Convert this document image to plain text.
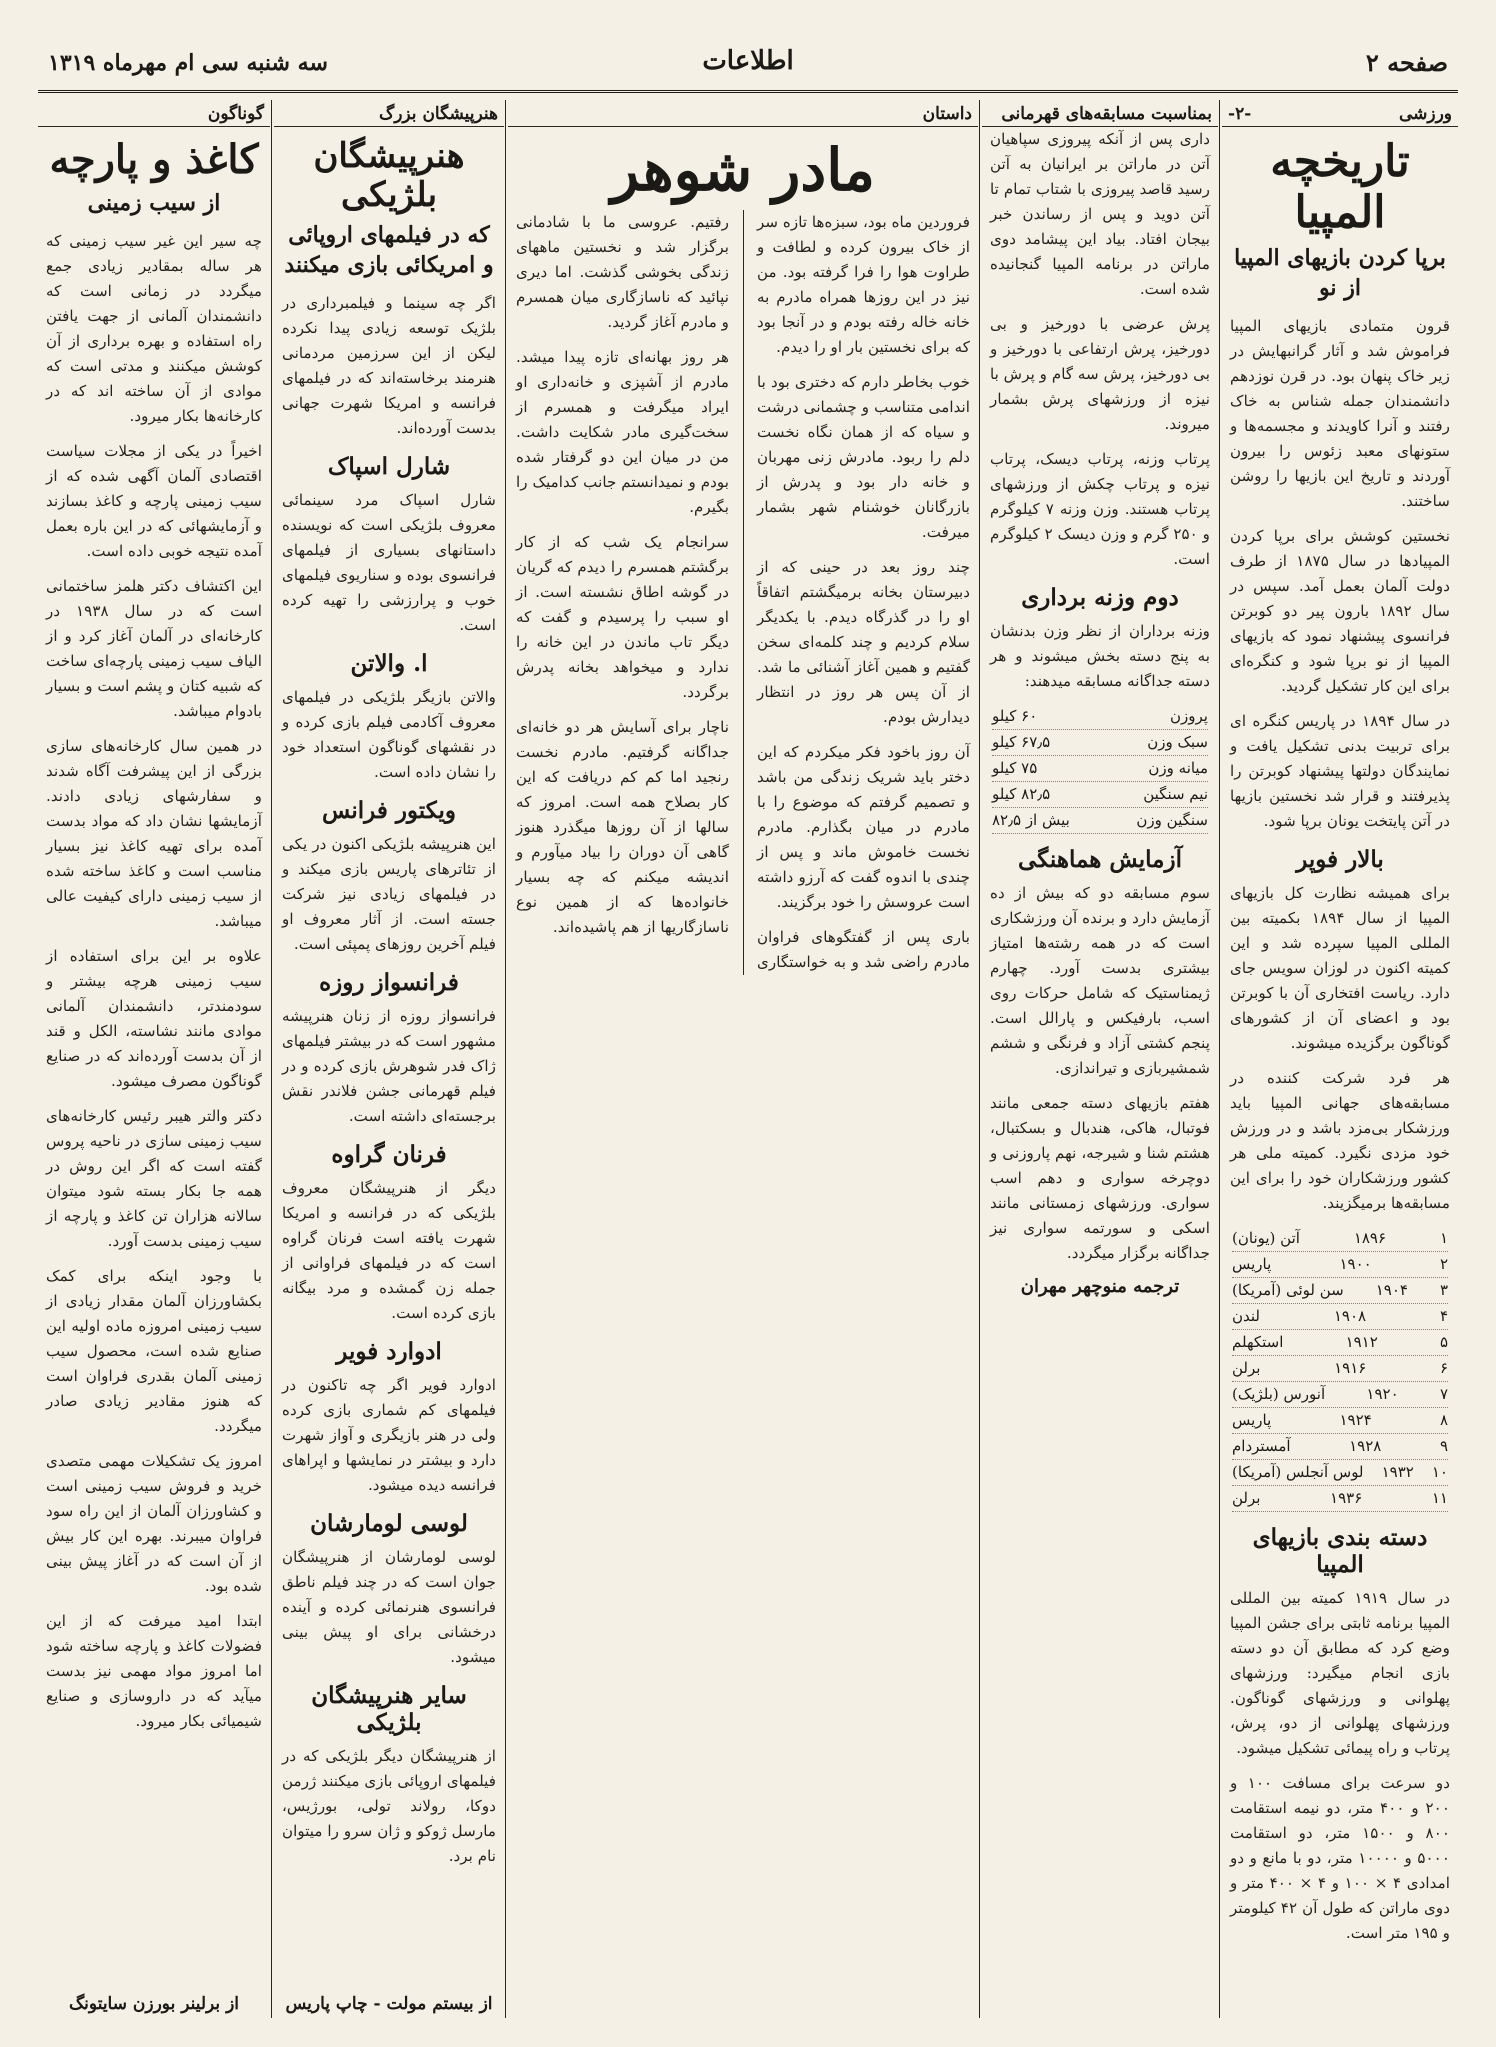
صفحه ۲
اطلاعات
سه شنبه سی ام مهرماه ۱۳۱۹
ورزشی
-۲-
تاریخچه المپیا
برپا کردن بازیهای المپیا از نو

قرون متمادی بازیهای المپیا فراموش شد و آثار گرانبهایش در زیر خاک پنهان بود. در قرن نوزدهم دانشمندان جمله شناس به خاک رفتند و آنرا کاویدند و مجسمه‌ها و ستونهای معبد زئوس را بیرون آوردند و تاریخ این بازیها را روشن ساختند.

نخستین کوشش برای برپا کردن المپیادها در سال ۱۸۷۵ از طرف دولت آلمان بعمل آمد. سپس در سال ۱۸۹۲ بارون پیر دو کوبرتن فرانسوی پیشنهاد نمود که بازیهای المپیا از نو برپا شود و کنگره‌ای برای این کار تشکیل گردید.

در سال ۱۸۹۴ در پاریس کنگره ای برای تربیت بدنی تشکیل یافت و نمایندگان دولتها پیشنهاد کوبرتن را پذیرفتند و قرار شد نخستین بازیها در آتن پایتخت یونان برپا شود.

بالار فوپر

برای همیشه نظارت کل بازیهای المپیا از سال ۱۸۹۴ بکمیته بین المللی المپیا سپرده شد و این کمیته اکنون در لوزان سویس جای دارد. ریاست افتخاری آن با کوبرتن بود و اعضای آن از کشورهای گوناگون برگزیده میشوند.

هر فرد شرکت کننده در مسابقه‌های جهانی المپیا باید ورزشکار بی‌مزد باشد و در ورزش خود مزدی نگیرد. کمیته ملی هر کشور ورزشکاران خود را برای این مسابقه‌ها برمیگزیند.

۱
۱۸۹۶
آتن (یونان)
۲
۱۹۰۰
پاریس
۳
۱۹۰۴
سن لوئی (آمریکا)
۴
۱۹۰۸
لندن
۵
۱۹۱۲
استکهلم
۶
۱۹۱۶
برلن
۷
۱۹۲۰
آنورس (بلژیک)
۸
۱۹۲۴
پاریس
۹
۱۹۲۸
آمستردام
۱۰
۱۹۳۲
لوس آنجلس (آمریکا)
۱۱
۱۹۳۶
برلن
دسته بندی بازیهای المپیا

در سال ۱۹۱۹ کمیته بین المللی المپیا برنامه ثابتی برای جشن المپیا وضع کرد که مطابق آن دو دسته بازی انجام میگیرد: ورزشهای پهلوانی و ورزشهای گوناگون. ورزشهای پهلوانی از دو، پرش، پرتاب و راه پیمائی تشکیل میشود.

دو سرعت برای مسافت ۱۰۰ و ۲۰۰ و ۴۰۰ متر، دو نیمه استقامت ۸۰۰ و ۱۵۰۰ متر، دو استقامت ۵۰۰۰ و ۱۰۰۰۰ متر، دو با مانع و دو امدادی ۴ × ۱۰۰ و ۴ × ۴۰۰ متر و دوی ماراتن که طول آن ۴۲ کیلومتر و ۱۹۵ متر است.

بمناسبت مسابقه‌های قهرمانی

داری پس از آنکه پیروزی سپاهیان آتن در ماراتن بر ایرانیان به آتن رسید قاصد پیروزی با شتاب تمام تا آتن دوید و پس از رساندن خبر بیجان افتاد. بیاد این پیشامد دوی ماراتن در برنامه المپیا گنجانیده شده است.

پرش عرضی با دورخیز و بی دورخیز، پرش ارتفاعی با دورخیز و بی دورخیز، پرش سه گام و پرش با نیزه از ورزشهای پرش بشمار میروند.

پرتاب وزنه، پرتاب دیسک، پرتاب نیزه و پرتاب چکش از ورزشهای پرتاب هستند. وزن وزنه ۷ کیلوگرم و ۲۵۰ گرم و وزن دیسک ۲ کیلوگرم است.

دوم وزنه برداری

وزنه برداران از نظر وزن بدنشان به پنج دسته بخش میشوند و هر دسته جداگانه مسابقه میدهند:

پروزن
۶۰ کیلو
سبک وزن
۶۷٫۵ کیلو
میانه وزن
۷۵ کیلو
نیم سنگین
۸۲٫۵ کیلو
سنگین وزن
بیش از ۸۲٫۵
آزمایش هماهنگی

سوم مسابقه دو که بیش از ده آزمایش دارد و برنده آن ورزشکاری است که در همه رشته‌ها امتیاز بیشتری بدست آورد. چهارم ژیمناستیک که شامل حرکات روی اسب، بارفیکس و پارالل است. پنجم کشتی آزاد و فرنگی و ششم شمشیربازی و تیراندازی.

هفتم بازیهای دسته جمعی مانند فوتبال، هاکی، هندبال و بسکتبال، هشتم شنا و شیرجه، نهم پاروزنی و دوچرخه سواری و دهم اسب سواری. ورزشهای زمستانی مانند اسکی و سورتمه سواری نیز جداگانه برگزار میگردد.

ترجمه منوچهر مهران
داستان
مادر شوهر

فروردین ماه بود، سبزه‌ها تازه سر از خاک بیرون کرده و لطافت و طراوت هوا را فرا گرفته بود. من نیز در این روزها همراه مادرم به خانه خاله رفته بودم و در آنجا بود که برای نخستین بار او را دیدم.

خوب بخاطر دارم که دختری بود با اندامی متناسب و چشمانی درشت و سیاه که از همان نگاه نخست دلم را ربود. مادرش زنی مهربان و خانه دار بود و پدرش از بازرگانان خوشنام شهر بشمار میرفت.

چند روز بعد در حینی که از دبیرستان بخانه برمیگشتم اتفاقاً او را در گذرگاه دیدم. با یکدیگر سلام کردیم و چند کلمه‌ای سخن گفتیم و همین آغاز آشنائی ما شد. از آن پس هر روز در انتظار دیدارش بودم.

آن روز باخود فکر میکردم که این دختر باید شریک زندگی من باشد و تصمیم گرفتم که موضوع را با مادرم در میان بگذارم. مادرم نخست خاموش ماند و پس از چندی با اندوه گفت که آرزو داشته است عروسش را خود برگزیند.

باری پس از گفتگوهای فراوان مادرم راضی شد و به خواستگاری رفتیم. عروسی ما با شادمانی برگزار شد و نخستین ماههای زندگی بخوشی گذشت. اما دیری نپائید که ناسازگاری میان همسرم و مادرم آغاز گردید.

هر روز بهانه‌ای تازه پیدا میشد. مادرم از آشپزی و خانه‌داری او ایراد میگرفت و همسرم از سخت‌گیری مادر شکایت داشت. من در میان این دو گرفتار شده بودم و نمیدانستم جانب کدامیک را بگیرم.

سرانجام یک شب که از کار برگشتم همسرم را دیدم که گریان در گوشه اطاق نشسته است. از او سبب را پرسیدم و گفت که دیگر تاب ماندن در این خانه را ندارد و میخواهد بخانه پدرش برگردد.

ناچار برای آسایش هر دو خانه‌ای جداگانه گرفتیم. مادرم نخست رنجید اما کم کم دریافت که این کار بصلاح همه است. امروز که سالها از آن روزها میگذرد هنوز گاهی آن دوران را بیاد میآورم و اندیشه میکنم که چه بسیار خانواده‌ها که از همین نوع ناسازگاریها از هم پاشیده‌اند.

هنرپیشگان بزرگ
هنرپیشگان بلژیکی
که در فیلمهای اروپائی و امریکائی بازی میکنند

اگر چه سینما و فیلمبرداری در بلژیک توسعه زیادی پیدا نکرده لیکن از این سرزمین مردمانی هنرمند برخاسته‌اند که در فیلمهای فرانسه و امریکا شهرت جهانی بدست آورده‌اند.

شارل اسپاک

شارل اسپاک مرد سینمائی معروف بلژیکی است که نویسنده داستانهای بسیاری از فیلمهای فرانسوی بوده و سناریوی فیلمهای خوب و پرارزشی را تهیه کرده است.

ا. والاتن

والاتن بازیگر بلژیکی در فیلمهای معروف آکادمی فیلم بازی کرده و در نقشهای گوناگون استعداد خود را نشان داده است.

ویکتور فرانس

این هنرپیشه بلژیکی اکنون در یکی از تئاترهای پاریس بازی میکند و در فیلمهای زیادی نیز شرکت جسته است. از آثار معروف او فیلم آخرین روزهای پمپئی است.

فرانسواز روزه

فرانسواز روزه از زنان هنرپیشه مشهور است که در بیشتر فیلمهای ژاک فدر شوهرش بازی کرده و در فیلم قهرمانی جشن فلاندر نقش برجسته‌ای داشته است.

فرنان گراوه

دیگر از هنرپیشگان معروف بلژیکی که در فرانسه و امریکا شهرت یافته است فرنان گراوه است که در فیلمهای فراوانی از جمله زن گمشده و مرد بیگانه بازی کرده است.

ادوارد فویر

ادوارد فویر اگر چه تاکنون در فیلمهای کم شماری بازی کرده ولی در هنر بازیگری و آواز شهرت دارد و بیشتر در نمایشها و اپراهای فرانسه دیده میشود.

لوسی لومارشان

لوسی لومارشان از هنرپیشگان جوان است که در چند فیلم ناطق فرانسوی هنرنمائی کرده و آینده درخشانی برای او پیش بینی میشود.

سایر هنرپیشگان بلژیکی

از هنرپیشگان دیگر بلژیکی که در فیلمهای اروپائی بازی میکنند ژرمن دوکا، رولاند تولی، بورژیس، مارسل ژوکو و ژان سرو را میتوان نام برد.

از بیستم مولت - چاپ پاریس
گوناگون
کاغذ و پارچه
از سیب زمینی

چه سیر این غیر سیب زمینی که هر ساله بمقادیر زیادی جمع میگردد در زمانی است که دانشمندان آلمانی از جهت یافتن راه استفاده و بهره برداری از آن کوشش میکنند و مدتی است که موادی از آن ساخته اند که در کارخانه‌ها بکار میرود.

اخیراً در یکی از مجلات سیاست اقتصادی آلمان آگهی شده که از سیب زمینی پارچه و کاغذ بسازند و آزمایشهائی که در این باره بعمل آمده نتیجه خوبی داده است.

این اکتشاف دکتر هلمز ساختمانی است که در سال ۱۹۳۸ در کارخانه‌ای در آلمان آغاز کرد و از الیاف سیب زمینی پارچه‌ای ساخت که شبیه کتان و پشم است و بسیار بادوام میباشد.

در همین سال کارخانه‌های سازی بزرگی از این پیشرفت آگاه شدند و سفارشهای زیادی دادند. آزمایشها نشان داد که مواد بدست آمده برای تهیه کاغذ نیز بسیار مناسب است و کاغذ ساخته شده از سیب زمینی دارای کیفیت عالی میباشد.

علاوه بر این برای استفاده از سیب زمینی هرچه بیشتر و سودمندتر، دانشمندان آلمانی موادی مانند نشاسته، الکل و قند از آن بدست آورده‌اند که در صنایع گوناگون مصرف میشود.

دکتر والتر هیبر رئیس کارخانه‌های سیب زمینی سازی در ناحیه پروس گفته است که اگر این روش در همه جا بکار بسته شود میتوان سالانه هزاران تن کاغذ و پارچه از سیب زمینی بدست آورد.

با وجود اینکه برای کمک بکشاورزان آلمان مقدار زیادی از سیب زمینی امروزه ماده اولیه این صنایع شده است، محصول سیب زمینی آلمان بقدری فراوان است که هنوز مقادیر زیادی صادر میگردد.

امروز یک تشکیلات مهمی متصدی خرید و فروش سیب زمینی است و کشاورزان آلمان از این راه سود فراوان میبرند. بهره این کار بیش از آن است که در آغاز پیش بینی شده بود.

ابتدا امید میرفت که از این فضولات کاغذ و پارچه ساخته شود اما امروز مواد مهمی نیز بدست میآید که در داروسازی و صنایع شیمیائی بکار میرود.

از برلینر بورزن سایتونگ
